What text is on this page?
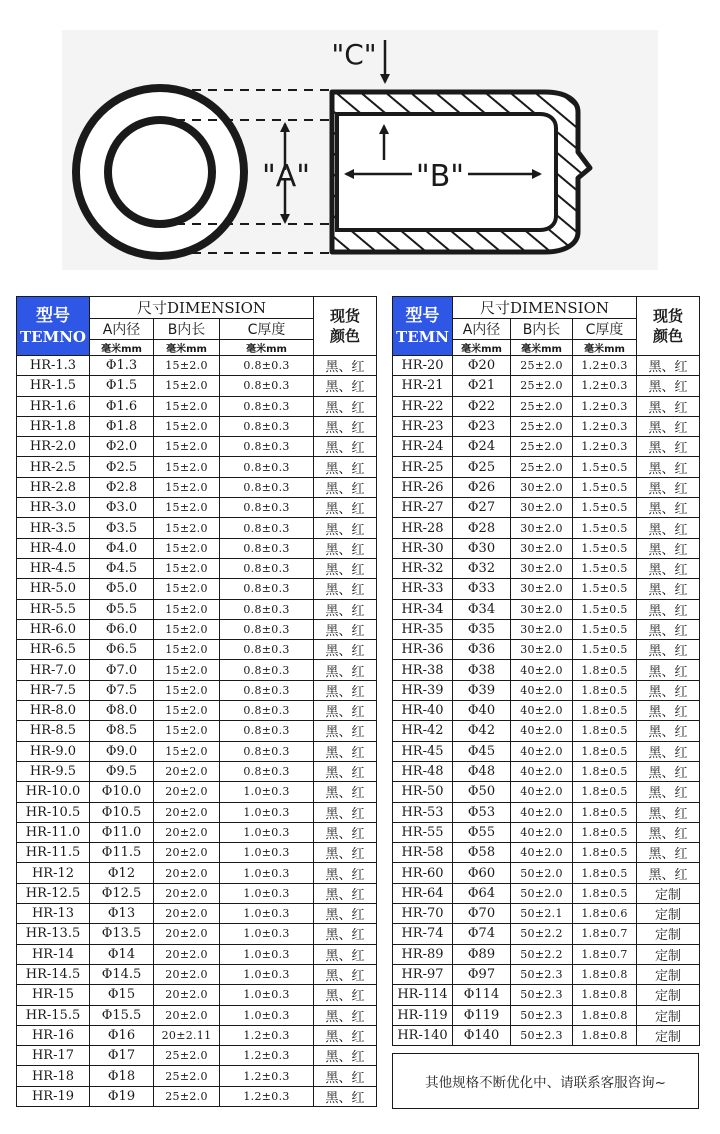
"A"	"B"
"C"
型号
TEMNO	尺寸DIMENSION			现货颜色

	A内径	B内长	C厚度	
	毫米mm	毫米mm	毫米mm	
HR-1.3	Φ1.3	15±2.0	0.8±0.3	黑、红
HR-1.5	Φ1.5	15±2.0	0.8±0.3	黑、红
HR-1.6	Φ1.6	15±2.0	0.8±0.3	黑、红
HR-1.8	Φ1.8	15±2.0	0.8±0.3	黑、红
HR-2.0	Φ2.0	15±2.0	0.8±0.3	黑、红
HR-2.5	Φ2.5	15±2.0	0.8±0.3	黑、红
HR-2.8	Φ2.8	15±2.0	0.8±0.3	黑、红
HR-3.0	Φ3.0	15±2.0	0.8±0.3	黑、红
HR-3.5	Φ3.5	15±2.0	0.8±0.3	黑、红
HR-4.0	Φ4.0	15±2.0	0.8±0.3	黑、红
HR-4.5	Φ4.5	15±2.0	0.8±0.3	黑、红
HR-5.0	Φ5.0	15±2.0	0.8±0.3	黑、红
HR-5.5	Φ5.5	15±2.0	0.8±0.3	黑、红
HR-6.0	Φ6.0	15±2.0	0.8±0.3	黑、红
HR-6.5	Φ6.5	15±2.0	0.8±0.3	黑、红
HR-7.0	Φ7.0	15±2.0	0.8±0.3	黑、红
HR-7.5	Φ7.5	15±2.0	0.8±0.3	黑、红
HR-8.0	Φ8.0	15±2.0	0.8±0.3	黑、红
HR-8.5	Φ8.5	15±2.0	0.8±0.3	黑、红
HR-9.0	Φ9.0	15±2.0	0.8±0.3	黑、红
HR-9.5	Φ9.5	20±2.0	0.8±0.3	黑、红
HR-10.0	Φ10.0	20±2.0	1.0±0.3	黑、红
HR-10.5	Φ10.5	20±2.0	1.0±0.3	黑、红
HR-11.0	Φ11.0	20±2.0	1.0±0.3	黑、红
HR-11.5	Φ11.5	20±2.0	1.0±0.3	黑、红
HR-12	Φ12	20±2.0	1.0±0.3	黑、红
HR-12.5	Φ12.5	20±2.0	1.0±0.3	黑、红
HR-13	Φ13	20±2.0	1.0±0.3	黑、红
HR-13.5	Φ13.5	20±2.0	1.0±0.3	黑、红
HR-14	Φ14	20±2.0	1.0±0.3	黑、红
HR-14.5	Φ14.5	20±2.0	1.0±0.3	黑、红
HR-15	Φ15	20±2.0	1.0±0.3	黑、红
HR-15.5	Φ15.5	20±2.0	1.0±0.3	黑、红
HR-16	Φ16	20±2.11	1.2±0.3	黑、红
HR-17	Φ17	25±2.0	1.2±0.3	黑、红
HR-18	Φ18	25±2.0	1.2±0.3	黑、红
HR-19	Φ19	25±2.0	1.2±0.3	黑、红
型号
TEMN	尺寸DIMENSION			现货颜色

	A内径	B内长	C厚度	
	毫米mm	毫米mm	毫米mm	
HR-20	Φ20	25±2.0	1.2±0.3	黑、红
HR-21	Φ21	25±2.0	1.2±0.3	黑、红
HR-22	Φ22	25±2.0	1.2±0.3	黑、红
HR-23	Φ23	25±2.0	1.2±0.3	黑、红
HR-24	Φ24	25±2.0	1.2±0.3	黑、红
HR-25	Φ25	25±2.0	1.5±0.5	黑、红
HR-26	Φ26	30±2.0	1.5±0.5	黑、红
HR-27	Φ27	30±2.0	1.5±0.5	黑、红
HR-28	Φ28	30±2.0	1.5±0.5	黑、红
HR-30	Φ30	30±2.0	1.5±0.5	黑、红
HR-32	Φ32	30±2.0	1.5±0.5	黑、红
HR-33	Φ33	30±2.0	1.5±0.5	黑、红
HR-34	Φ34	30±2.0	1.5±0.5	黑、红
HR-35	Φ35	30±2.0	1.5±0.5	黑、红
HR-36	Φ36	30±2.0	1.5±0.5	黑、红
HR-38	Φ38	40±2.0	1.8±0.5	黑、红
HR-39	Φ39	40±2.0	1.8±0.5	黑、红
HR-40	Φ40	40±2.0	1.8±0.5	黑、红
HR-42	Φ42	40±2.0	1.8±0.5	黑、红
HR-45	Φ45	40±2.0	1.8±0.5	黑、红
HR-48	Φ48	40±2.0	1.8±0.5	黑、红
HR-50	Φ50	40±2.0	1.8±0.5	黑、红
HR-53	Φ53	40±2.0	1.8±0.5	黑、红
HR-55	Φ55	40±2.0	1.8±0.5	黑、红
HR-58	Φ58	40±2.0	1.8±0.5	黑、红
HR-60	Φ60	50±2.0	1.8±0.5	黑、红
HR-64	Φ64	50±2.0	1.8±0.5	定制
HR-70	Φ70	50±2.1	1.8±0.6	定制
HR-74	Φ74	50±2.2	1.8±0.7	定制
HR-89	Φ89	50±2.2	1.8±0.7	定制
HR-97	Φ97	50±2.3	1.8±0.8	定制
HR-114	Φ114	50±2.3	1.8±0.8	定制
HR-119	Φ119	50±2.3	1.8±0.8	定制
HR-140	Φ140	50±2.3	1.8±0.8	定制
其他规格不断优化中、请联系客服咨询~
